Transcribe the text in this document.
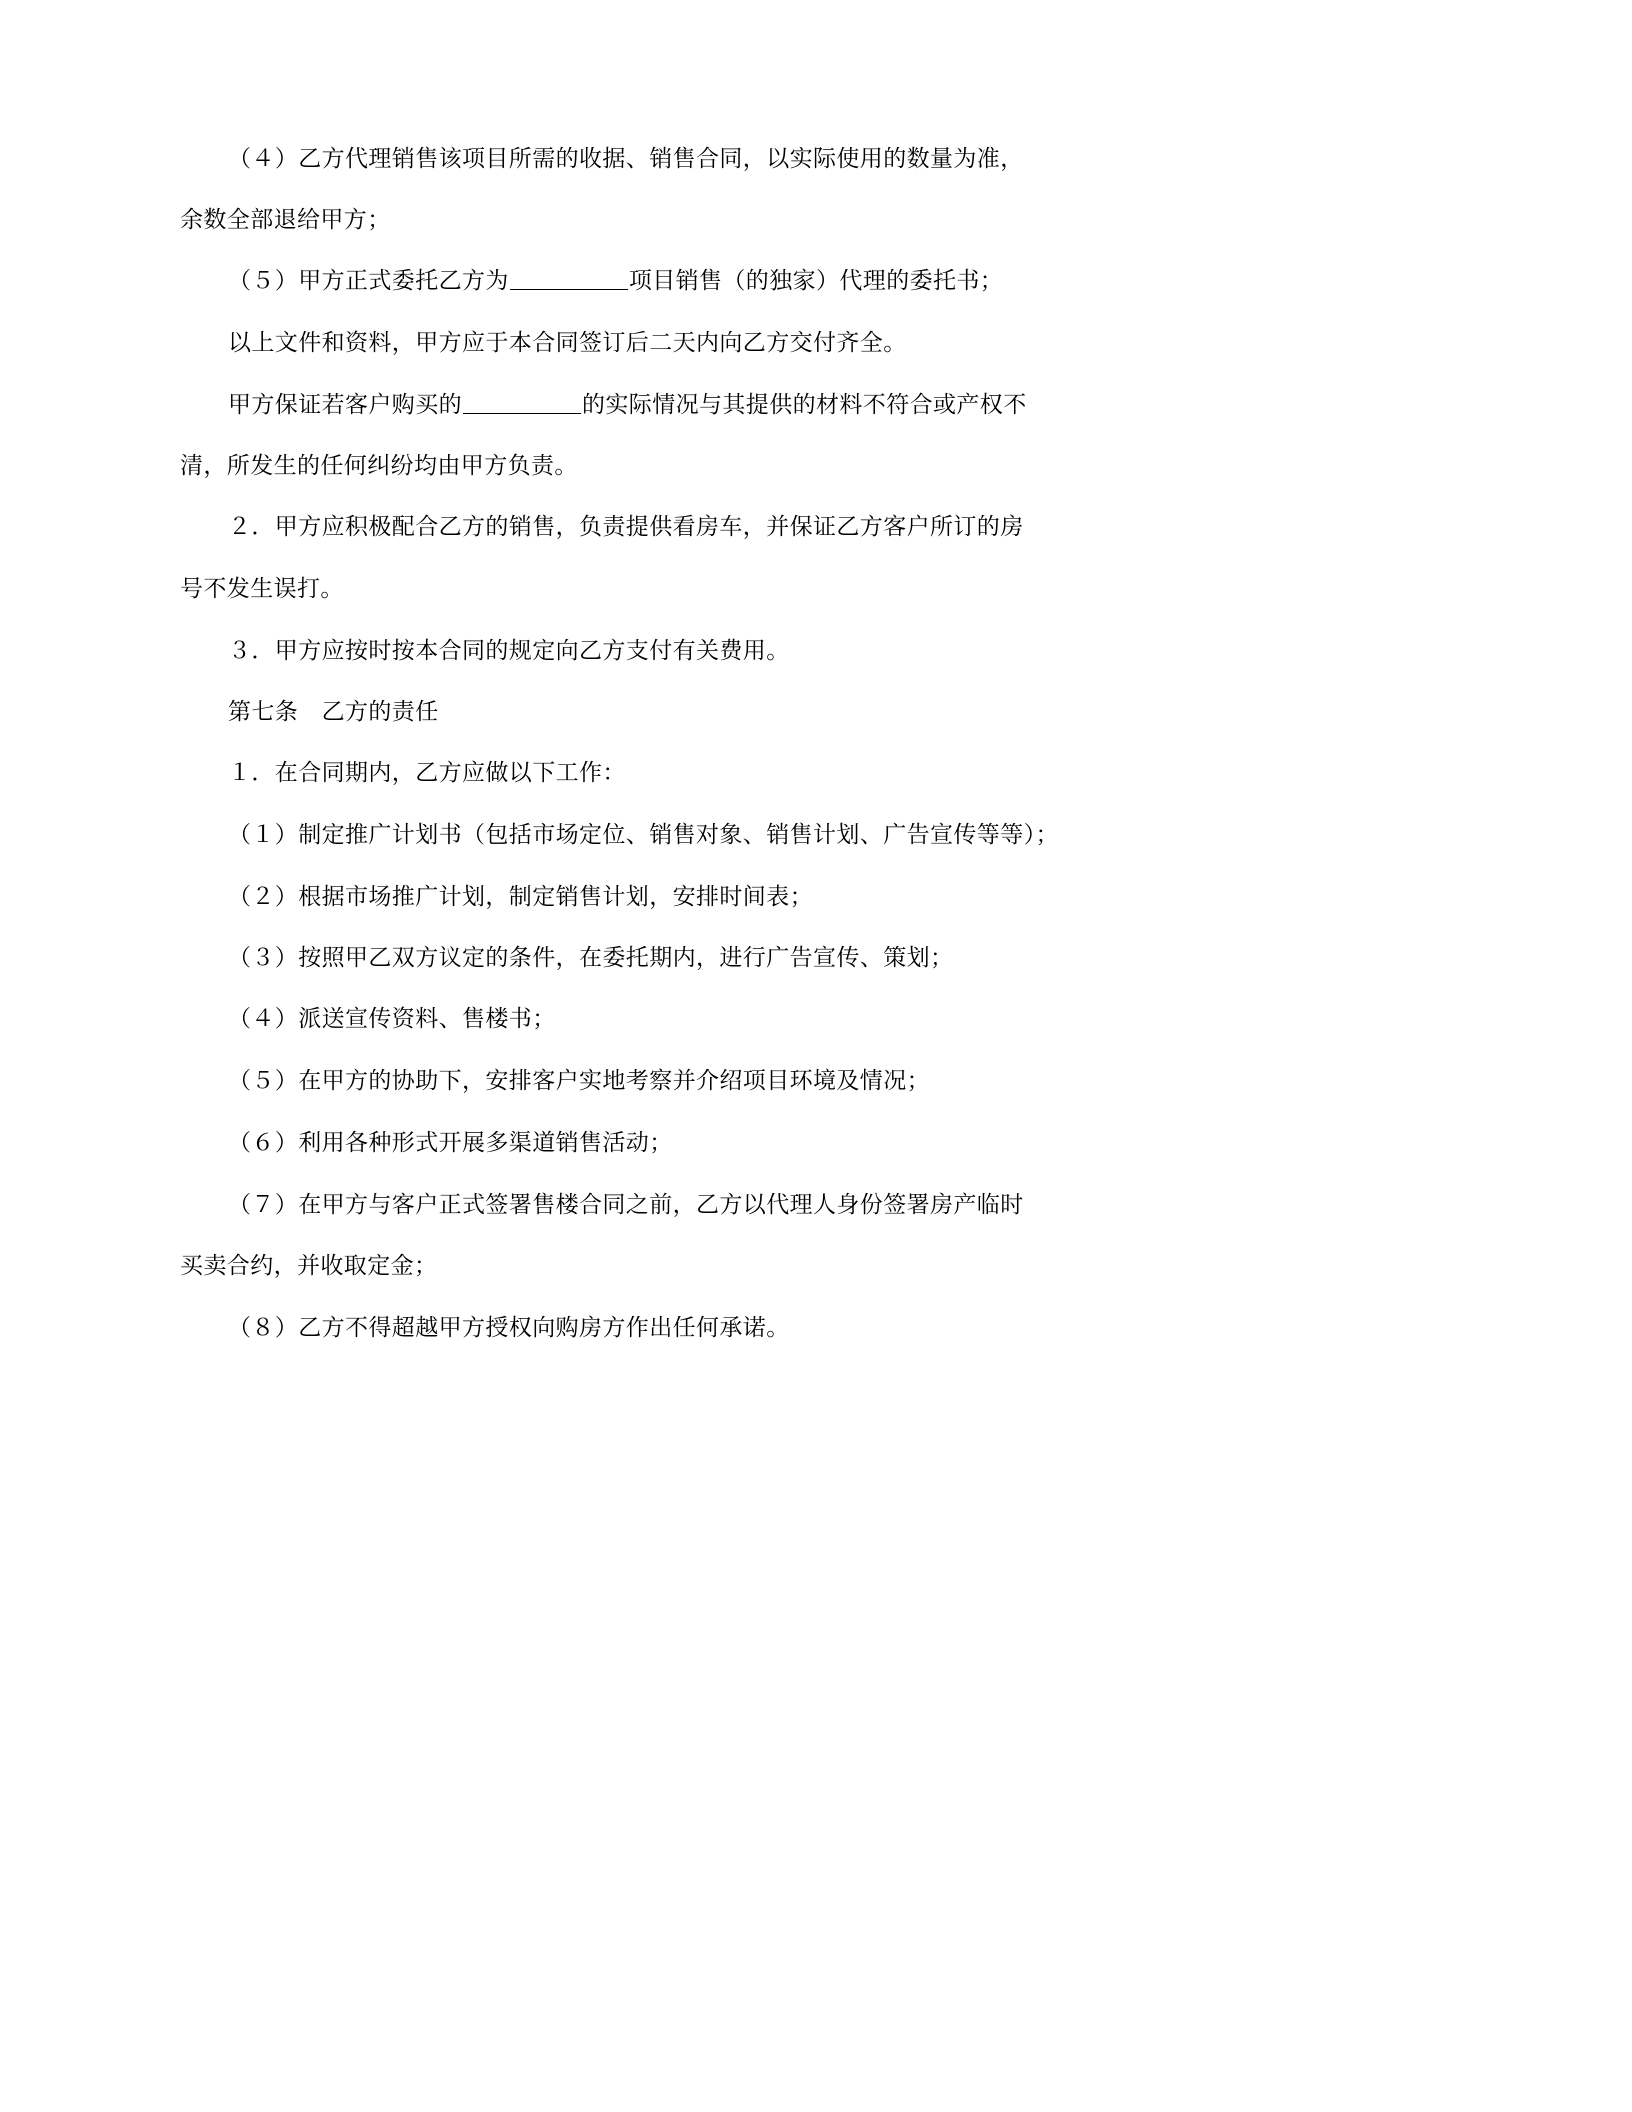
（４）乙方代理销售该项目所需的收据、销售合同，以实际使用的数量为准，
余数全部退给甲方；
（５）甲方正式委托乙方为	项目销售（的独家）代理的委托书；
以上文件和资料，甲方应于本合同签订后二天内向乙方交付齐全。
甲方保证若客户购买的	的实际情况与其提供的材料不符合或产权不
清，所发生的任何纠纷均由甲方负责。
２．甲方应积极配合乙方的销售，负责提供看房车，并保证乙方客户所订的房
号不发生误打。
３．甲方应按时按本合同的规定向乙方支付有关费用。
第七条　乙方的责任
１．在合同期内，乙方应做以下工作：
（１）制定推广计划书（包括市场定位、销售对象、销售计划、广告宣传等等）；
（２）根据市场推广计划，制定销售计划，安排时间表；
（３）按照甲乙双方议定的条件，在委托期内，进行广告宣传、策划；
（４）派送宣传资料、售楼书；
（５）在甲方的协助下，安排客户实地考察并介绍项目环境及情况；
（６）利用各种形式开展多渠道销售活动；
（７）在甲方与客户正式签署售楼合同之前，乙方以代理人身份签署房产临时
买卖合约，并收取定金；
（８）乙方不得超越甲方授权向购房方作出任何承诺。
